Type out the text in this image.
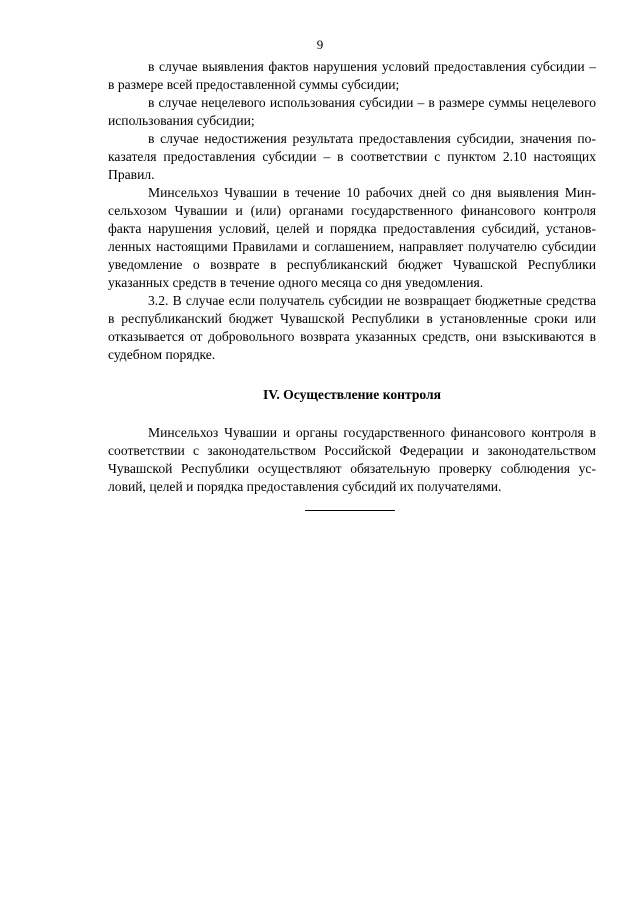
9

в случае выявления фактов нарушения условий предоставления субсидии – в размере всей предоставленной суммы субсидии;

в случае нецелевого использования субсидии – в размере суммы нецелевого использования субсидии;

в случае недостижения результата предоставления субсидии, значения показателя предоставления субсидии – в соответствии с пунктом 2.10 настоящих Правил.

Минсельхоз Чувашии в течение 10 рабочих дней со дня выявления Минсельхозом Чувашии и (или) органами государственного финансового контроля факта нарушения условий, целей и порядка предоставления субсидий, установленных настоящими Правилами и соглашением, направляет получателю субсидии уведомление о возврате в республиканский бюджет Чувашской Республики указанных средств в течение одного месяца со дня уведомления.

3.2. В случае если получатель субсидии не возвращает бюджетные средства в республиканский бюджет Чувашской Республики в установленные сроки или отказывается от добровольного возврата указанных средств, они взыскиваются в судебном порядке.

IV. Осуществление контроля

Минсельхоз Чувашии и органы государственного финансового контроля в соответствии с законодательством Российской Федерации и законодательством Чувашской Республики осуществляют обязательную проверку соблюдения условий, целей и порядка предоставления субсидий их получателями.
